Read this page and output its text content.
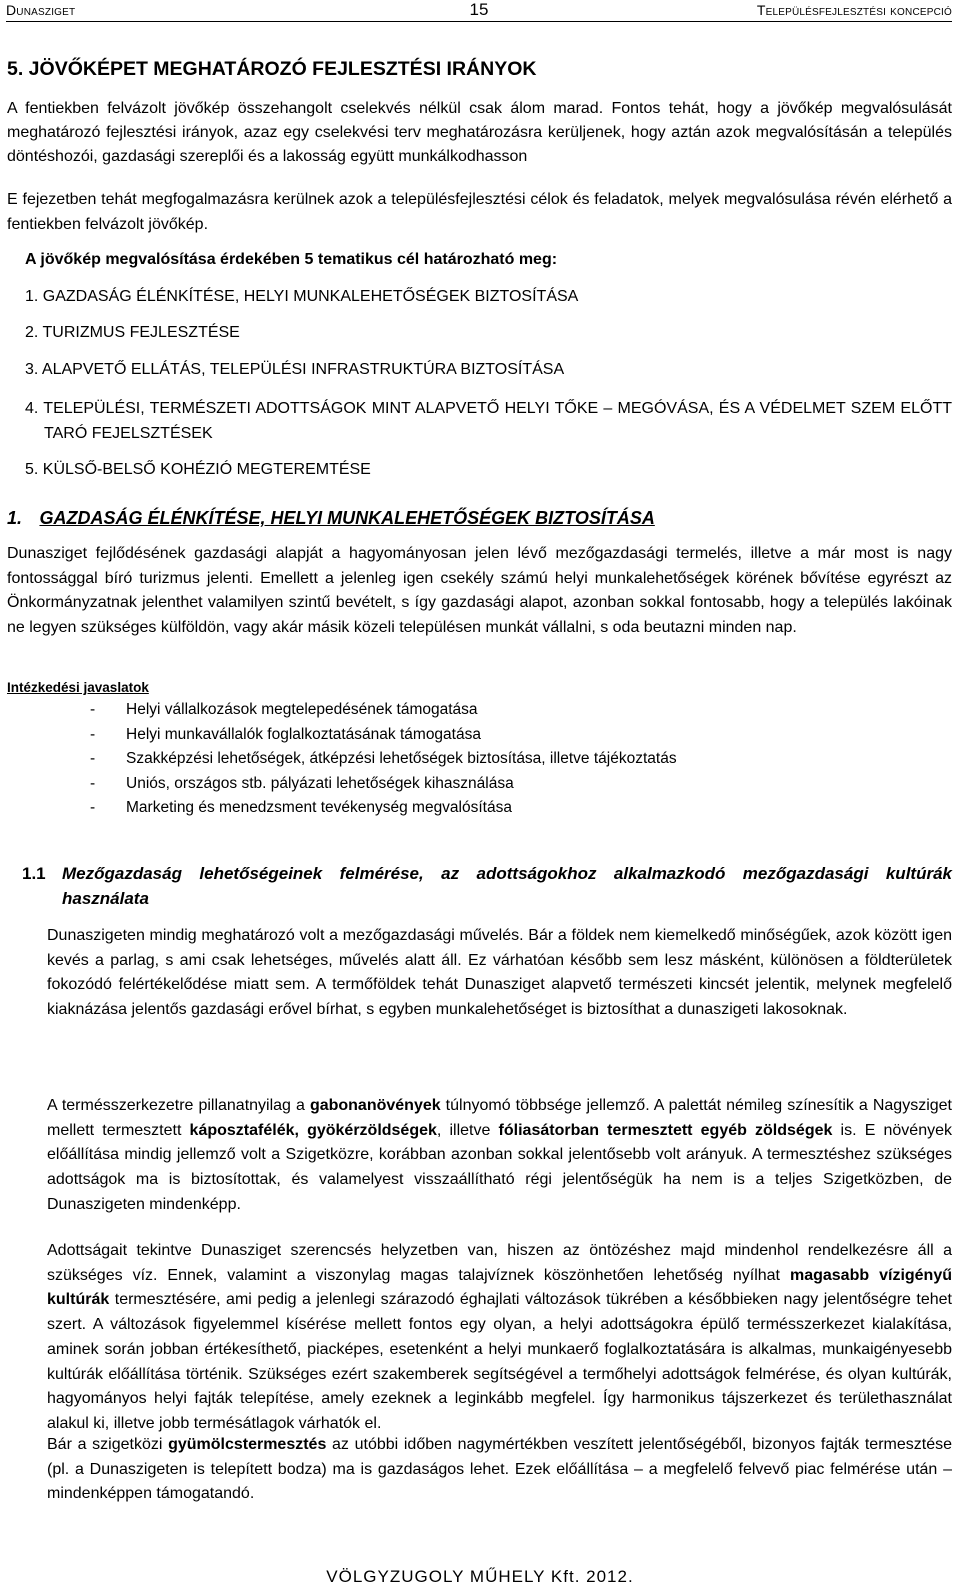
Dunasziget	15	Településfejlesztési koncepció
5. JÖVŐKÉPET MEGHATÁROZÓ FEJLESZTÉSI IRÁNYOK
A fentiekben felvázolt jövőkép összehangolt cselekvés nélkül csak álom marad. Fontos tehát, hogy a jövőkép megvalósulását meghatározó fejlesztési irányok, azaz egy cselekvési terv meghatározásra kerüljenek, hogy aztán azok megvalósításán a település döntéshozói, gazdasági szereplői és a lakosság együtt munkálkodhasson
E fejezetben tehát megfogalmazásra kerülnek azok a településfejlesztési célok és feladatok, melyek megvalósulása révén elérhető a fentiekben felvázolt jövőkép.
A jövőkép megvalósítása érdekében 5 tematikus cél határozható meg:
1. GAZDASÁG ÉLÉNKÍTÉSE, HELYI MUNKALEHETŐSÉGEK BIZTOSÍTÁSA
2. TURIZMUS FEJLESZTÉSE
3. ALAPVETŐ ELLÁTÁS, TELEPÜLÉSI INFRASTRUKTÚRA BIZTOSÍTÁSA
4. TELEPÜLÉSI, TERMÉSZETI ADOTTSÁGOK MINT ALAPVETŐ HELYI TŐKE – MEGÓVÁSA, ÉS A VÉDELMET SZEM ELŐTT TARÓ FEJELSZTÉSEK
5. KÜLSŐ-BELSŐ KOHÉZIÓ MEGTEREMTÉSE
1. GAZDASÁG ÉLÉNKÍTÉSE, HELYI MUNKALEHETŐSÉGEK BIZTOSÍTÁSA
Dunasziget fejlődésének gazdasági alapját a hagyományosan jelen lévő mezőgazdasági termelés, illetve a már most is nagy fontossággal bíró turizmus jelenti. Emellett a jelenleg igen csekély számú helyi munkalehetőségek körének bővítése egyrészt az Önkormányzatnak jelenthet valamilyen szintű bevételt, s így gazdasági alapot, azonban sokkal fontosabb, hogy a település lakóinak ne legyen szükséges külföldön, vagy akár másik közeli településen munkát vállalni, s oda beutazni minden nap.
Intézkedési javaslatok
- Helyi vállalkozások megtelepedésének támogatása
- Helyi munkavállalók foglalkoztatásának támogatása
- Szakképzési lehetőségek, átképzési lehetőségek biztosítása, illetve tájékoztatás
- Uniós, országos stb. pályázati lehetőségek kihasználása
- Marketing és menedzsment tevékenység megvalósítása
1.1 Mezőgazdaság lehetőségeinek felmérése, az adottságokhoz alkalmazkodó mezőgazdasági kultúrák használata
Dunaszigeten mindig meghatározó volt a mezőgazdasági művelés. Bár a földek nem kiemelkedő minőségűek, azok között igen kevés a parlag, s ami csak lehetséges, művelés alatt áll. Ez várhatóan később sem lesz másként, különösen a földterületek fokozódó felértékelődése miatt sem. A termőföldek tehát Dunasziget alapvető természeti kincsét jelentik, melynek megfelelő kiaknázása jelentős gazdasági erővel bírhat, s egyben munkalehetőséget is biztosíthat a dunaszigeti lakosoknak.
A termésszerkezetre pillanatnyilag a gabonanövények túlnyomó többsége jellemző. A palettát némileg színesítik a Nagysziget mellett termesztett káposztafélék, gyökérzöldségek, illetve fóliasátorban termesztett egyéb zöldségek is. E növények előállítása mindig jellemző volt a Szigetközre, korábban azonban sokkal jelentősebb volt arányuk. A termesztéshez szükséges adottságok ma is biztosítottak, és valamelyest visszaállítható régi jelentőségük ha nem is a teljes Szigetközben, de Dunaszigeten mindenképp.
Adottságait tekintve Dunasziget szerencsés helyzetben van, hiszen az öntözéshez majd mindenhol rendelkezésre áll a szükséges víz. Ennek, valamint a viszonylag magas talajvíznek köszönhetően lehetőség nyílhat magasabb vízigényű kultúrák termesztésére, ami pedig a jelenlegi szárazodó éghajlati változások tükrében a későbbieken nagy jelentőségre tehet szert. A változások figyelemmel kísérése mellett fontos egy olyan, a helyi adottságokra épülő termésszerkezet kialakítása, aminek során jobban értékesíthető, piacképes, esetenként a helyi munkaerő foglalkoztatására is alkalmas, munkaigényesebb kultúrák előállítása történik. Szükséges ezért szakemberek segítségével a termőhelyi adottságok felmérése, és olyan kultúrák, hagyományos helyi fajták telepítése, amely ezeknek a leginkább megfelel. Így harmonikus tájszerkezet és területhasználat alakul ki, illetve jobb termésátlagok várhatók el.
Bár a szigetközi gyümölcstermesztés az utóbbi időben nagymértékben veszített jelentőségéből, bizonyos fajták termesztése (pl. a Dunaszigeten is telepített bodza) ma is gazdaságos lehet. Ezek előállítása – a megfelelő felvevő piac felmérése után – mindenképpen támogatandó.
VÖLGYZUGOLY MŰHELY Kft. 2012.
